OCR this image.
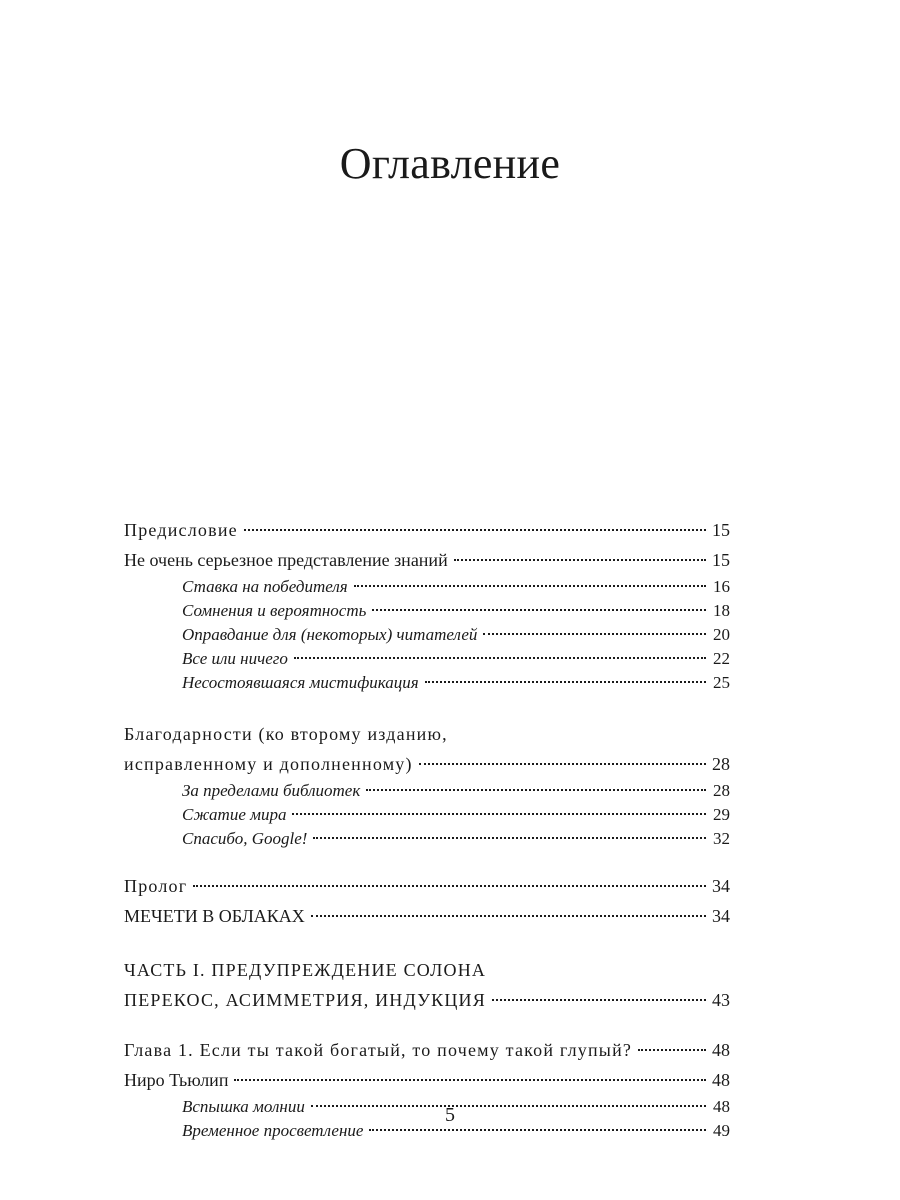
Оглавление
Предисловие	15
Не очень серьезное представление знаний	15
Ставка на победителя	16
Сомнения и вероятность	18
Оправдание для (некоторых) читателей	20
Все или ничего	22
Несостоявшаяся мистификация	25
Благодарности (ко второму изданию,
исправленному и дополненному)	28
За пределами библиотек	28
Сжатие мира	29
Спасибо, Google!	32
Пролог	34
МЕЧЕТИ В ОБЛАКАХ	34
ЧАСТЬ I. ПРЕДУПРЕЖДЕНИЕ СОЛОНА
ПЕРЕКОС, АСИММЕТРИЯ, ИНДУКЦИЯ	43
Глава 1. Если ты такой богатый, то почему такой глупый?	48
Ниро Тьюлип	48
Вспышка молнии	48
Временное просветление	49
5
